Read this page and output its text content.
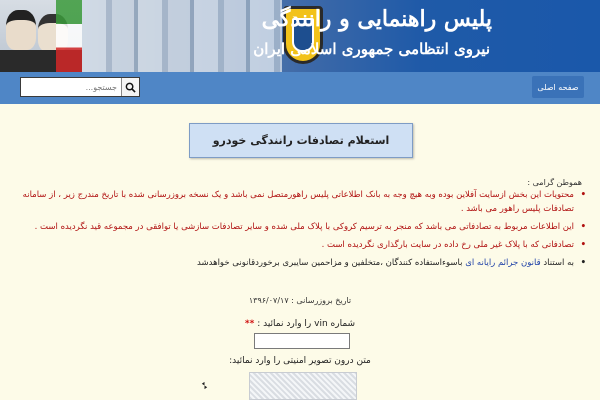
پلیس راهنمایی و رانندگی
نیروی انتظامی جمهوری اسلامی ایران
جستجو...
صفحه اصلی
استعلام تصادفات رانندگی خودرو
هموطن گرامی :
• محتویات این بخش ازسایت آفلاین بوده وبه هیچ وجه به بانک اطلاعاتی پلیس راهورمتصل نمی باشد و یک نسخه بروزرسانی شده با تاریخ مندرج زیر ، از سامانه تصادفات پلیس راهور می باشد .
• این اطلاعات مربوط به تصادفاتی می باشد که منجر به ترسیم کروکی با پلاک ملی شده و سایر تصادفات سازشی یا توافقی در مجموعه قید نگردیده است .
• تصادفاتی که با پلاک غیر ملی رخ داده در سایت بارگذاری نگردیده است .
• به استناد قانون جرائم رایانه ای باسوءاستفاده کنندگان ،متخلفین و مزاحمین سایبری برخوردقانونی خواهدشد
تاریخ بروزرسانی : ۱۳۹۶/۰۷/۱۷
شماره vin را وارد نمائید : **
متن درون تصویر امنیتی را وارد نمائید:
